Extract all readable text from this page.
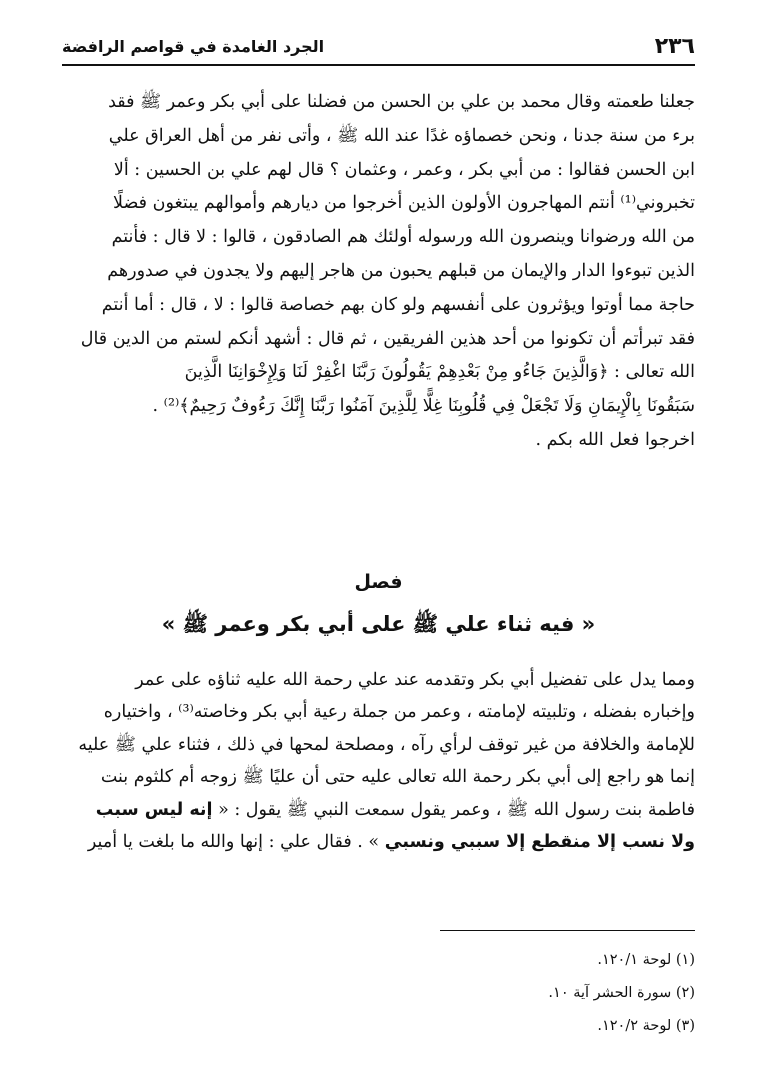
٢٣٦
الجرد الغامدة في قواصم الرافضة

جعلنا طعمته وقال محمد بن علي بن الحسن من فضلنا على أبي بكر وعمر ﷺ فقد

برء من سنة جدنا ، ونحن خصماؤه غدًا عند الله ﷺ ، وأتى نفر من أهل العراق علي

ابن الحسن فقالوا : من أبي بكر ، وعمر ، وعثمان ؟ قال لهم علي بن الحسين : ألا

تخبروني⁽¹⁾ أنتم المهاجرون الأولون الذين أخرجوا من ديارهم وأموالهم يبتغون فضلًا

من الله ورضوانا وينصرون الله ورسوله أولئك هم الصادقون ، قالوا : لا قال : فأنتم

الذين تبوءوا الدار والإيمان من قبلهم يحبون من هاجر إليهم ولا يجدون في صدورهم

حاجة مما أوتوا ويؤثرون على أنفسهم ولو كان بهم خصاصة قالوا : لا ، قال : أما أنتم

فقد تبرأتم أن تكونوا من أحد هذين الفريقين ، ثم قال : أشهد أنكم لستم من الدين قال

الله تعالى : ﴿وَالَّذِينَ جَاءُو مِنْ بَعْدِهِمْ يَقُولُونَ رَبَّنَا اغْفِرْ لَنَا وَلِإِخْوَانِنَا الَّذِينَ

سَبَقُونَا بِالْإِيمَانِ وَلَا تَجْعَلْ فِي قُلُوبِنَا غِلًّا لِلَّذِينَ آمَنُوا رَبَّنَا إِنَّكَ رَءُوفٌ رَحِيمٌ﴾⁽²⁾ .

اخرجوا فعل الله بكم .

فصل
« فيه ثناء علي ﷺ على أبي بكر وعمر ﷺ »

ومما يدل على تفضيل أبي بكر وتقدمه عند علي رحمة الله عليه ثناؤه على عمر

وإخباره بفضله ، وتلبيته لإمامته ، وعمر من جملة رعية أبي بكر وخاصته⁽³⁾ ، واختياره

للإمامة والخلافة من غير توقف لرأي رآه ، ومصلحة لمحها في ذلك ، فثناء علي ﷺ عليه

إنما هو راجع إلى أبي بكر رحمة الله تعالى عليه حتى أن عليًا ﷺ زوجه أم كلثوم بنت

فاطمة بنت رسول الله ﷺ ، وعمر يقول سمعت النبي ﷺ يقول : « إنه ليس سبب

ولا نسب إلا منقطع إلا سببي ونسبي » . فقال علي : إنها والله ما بلغت يا أمير

(١) لوحة ١٢٠/١.
(٢) سورة الحشر آية ١٠.
(٣) لوحة ١٢٠/٢.
